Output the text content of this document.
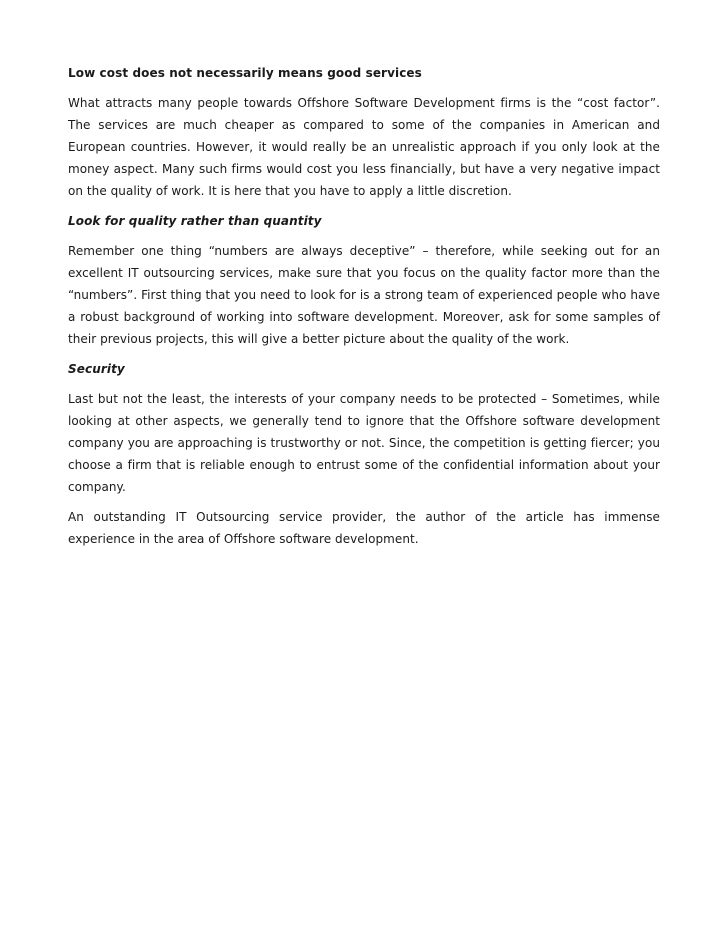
Low cost does not necessarily means good services

What attracts many people towards Offshore Software Development firms is the “cost factor”. The services are much cheaper as compared to some of the companies in American and European countries. However, it would really be an unrealistic approach if you only look at the money aspect. Many such firms would cost you less financially, but have a very negative impact on the quality of work. It is here that you have to apply a little discretion.

Look for quality rather than quantity

Remember one thing “numbers are always deceptive” – therefore, while seeking out for an excellent IT outsourcing services, make sure that you focus on the quality factor more than the “numbers”. First thing that you need to look for is a strong team of experienced people who have a robust background of working into software development. Moreover, ask for some samples of their previous projects, this will give a better picture about the quality of the work.

Security

Last but not the least, the interests of your company needs to be protected – Sometimes, while looking at other aspects, we generally tend to ignore that the Offshore software development company you are approaching is trustworthy or not. Since, the competition is getting fiercer; you choose a firm that is reliable enough to entrust some of the confidential information about your company.

An outstanding IT Outsourcing service provider, the author of the article has immense experience in the area of Offshore software development.
